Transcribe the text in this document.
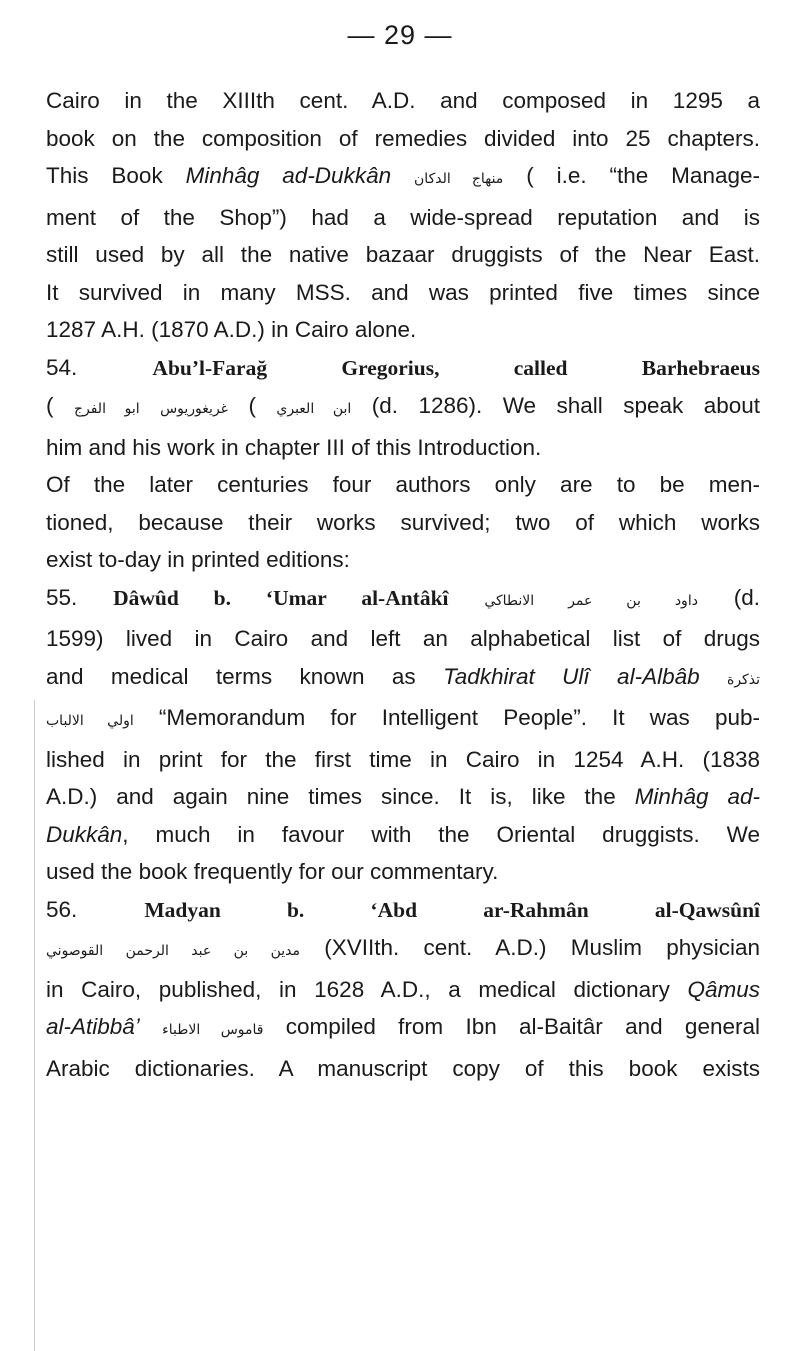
— 29 —
Cairo in the XIIIth cent. A.D. and composed in 1295 a
book on the composition of remedies divided into 25 chapters.
This Book Minhâg ad-Dukkân منهاج الدكان ( i.e. “the Manage-
ment of the Shop”) had a wide-spread reputation and is
still used by all the native bazaar druggists of the Near East.
It survived in many MSS. and was printed five times since
1287 A.H. (1870 A.D.) in Cairo alone.
54. Abu’l-Farağ Gregorius, called Barhebraeus
(	ابن العبري ) غريغوريوس ابو الفرج	(d. 1286). We shall speak about
him and his work in chapter III of this Introduction.
Of the later centuries four authors only are to be men-
tioned, because their works survived; two of which works
exist to-day in printed editions:
55. Dâwûd b. ‘Umar al-Antâkî	داود بن عمر الانطاكي (d.
1599) lived in Cairo and left an alphabetical list of drugs
and medical terms known as Tadkhirat Ulî al-Albâb تذكرة
اولي الالباب “Memorandum for Intelligent People”. It was pub-
lished in print for the first time in Cairo in 1254 A.H. (1838
A.D.) and again nine times since. It is, like the Minhâg ad-
Dukkân, much in favour with the Oriental druggists. We
used the book frequently for our commentary.
56. Madyan b. ‘Abd ar-Rahmân al-Qawsûnî
مدين بن عبد الرحمن القوصوني (XVIIth. cent. A.D.) Muslim physician
in Cairo, published, in 1628 A.D., a medical dictionary Qâmus
al-Atibbâ’ قاموس الاطباء compiled from Ibn al-Baitâr and general
Arabic dictionaries. A manuscript copy of this book exists
